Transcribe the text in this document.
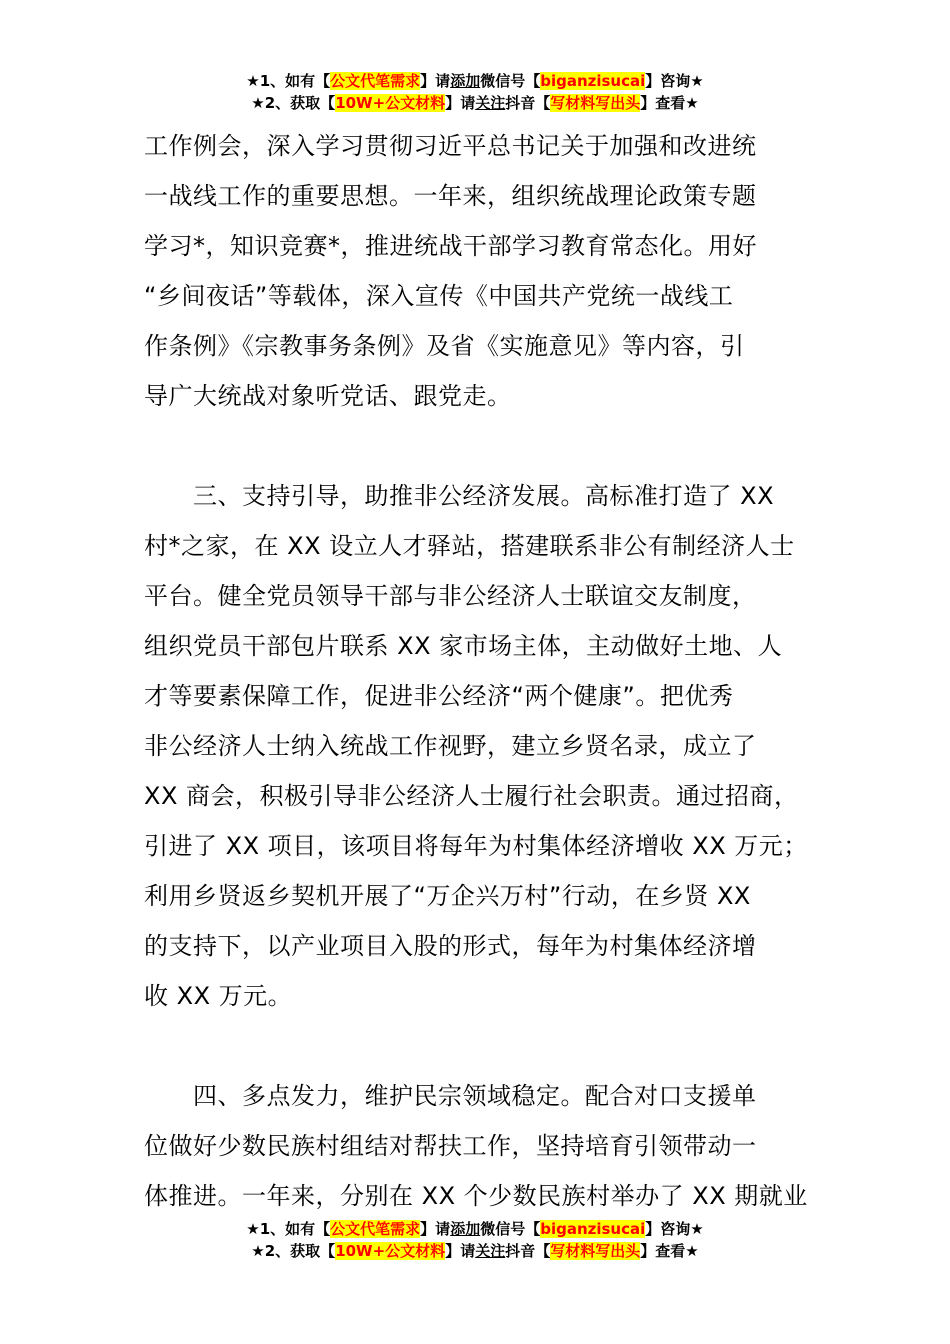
★1、如有【公文代笔需求】请添加微信号【biganzisucai】咨询★
★2、获取【10W+公文材料】请关注抖音【写材料写出头】查看★
工作例会，深入学习贯彻习近平总书记关于加强和改进统
一战线工作的重要思想。一年来，组织统战理论政策专题
学习*，知识竞赛*，推进统战干部学习教育常态化。用好
“乡间夜话”等载体，深入宣传《中国共产党统一战线工
作条例》《宗教事务条例》及省《实施意见》等内容，引
导广大统战对象听党话、跟党走。
　　三、支持引导，助推非公经济发展。高标准打造了 XX
村*之家，在 XX 设立人才驿站，搭建联系非公有制经济人士
平台。健全党员领导干部与非公经济人士联谊交友制度，
组织党员干部包片联系 XX 家市场主体，主动做好土地、人
才等要素保障工作，促进非公经济“两个健康”。把优秀
非公经济人士纳入统战工作视野，建立乡贤名录，成立了
XX 商会，积极引导非公经济人士履行社会职责。通过招商，
引进了 XX 项目，该项目将每年为村集体经济增收 XX 万元；
利用乡贤返乡契机开展了“万企兴万村”行动，在乡贤 XX
的支持下，以产业项目入股的形式，每年为村集体经济增
收 XX 万元。
　　四、多点发力，维护民宗领域稳定。配合对口支援单
位做好少数民族村组结对帮扶工作，坚持培育引领带动一
体推进。一年来，分别在 XX 个少数民族村举办了 XX 期就业
★1、如有【公文代笔需求】请添加微信号【biganzisucai】咨询★
★2、获取【10W+公文材料】请关注抖音【写材料写出头】查看★
